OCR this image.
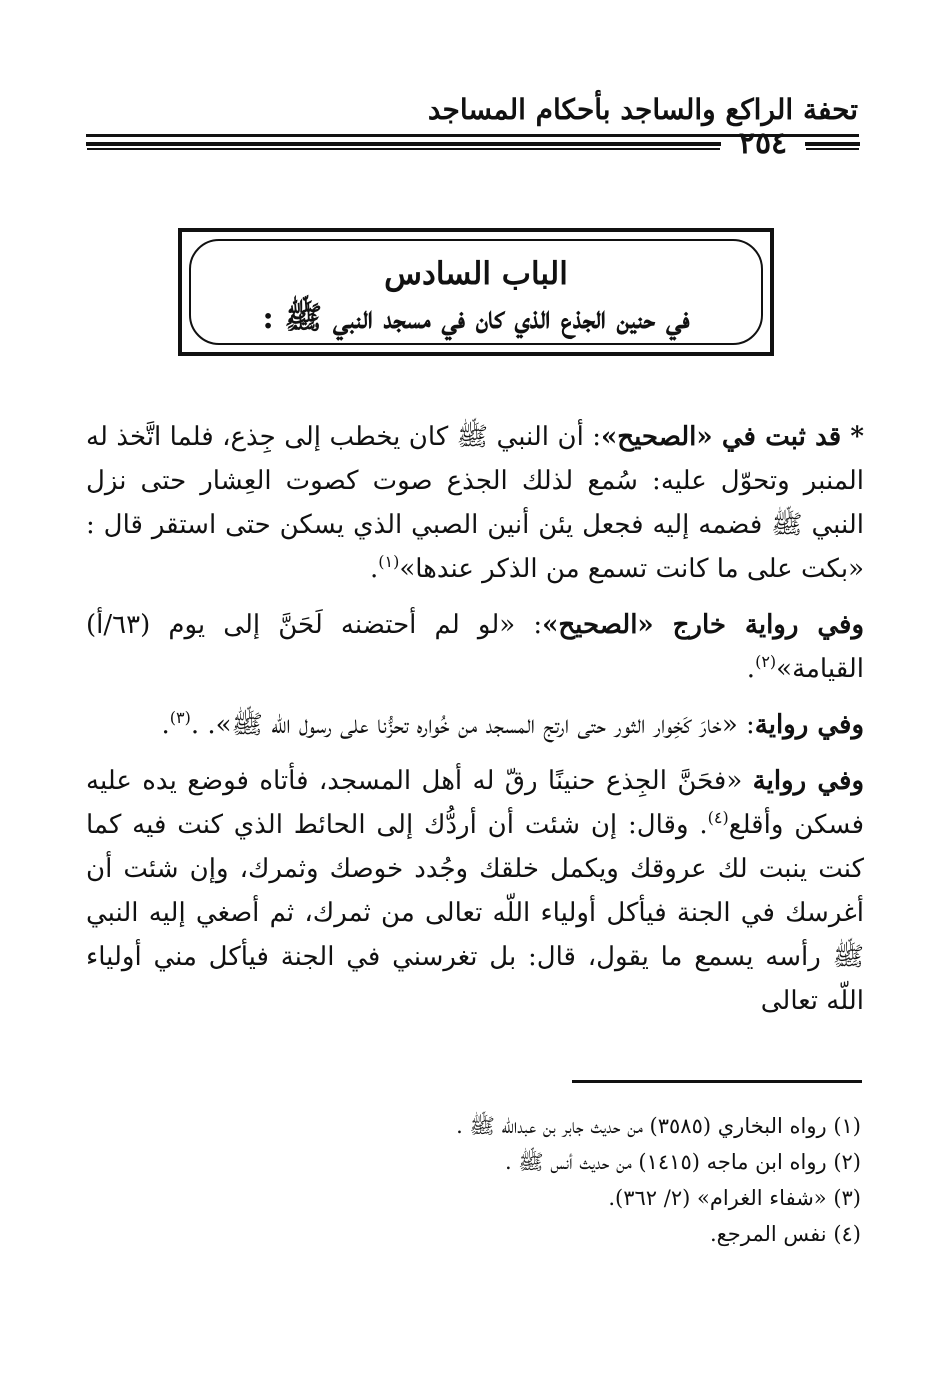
تحفة الراكع والساجد بأحكام المساجد
٢٥٤
الباب السادس
في حنين الجذع الذي كان في مسجد النبي ﷺ :

* قد ثبت في «الصحيح»: أن النبي ﷺ كان يخطب إلى جِذع، فلما اتَّخذ له المنبر وتحوّل عليه: سُمع لذلك الجذع صوت كصوت العِشار حتى نزل النبي ﷺ فضمه إليه فجعل يئن أنين الصبي الذي يسكن حتى استقر قال : «بكت على ما كانت تسمع من الذكر عندها»$^{(١)}$.

وفي رواية خارج «الصحيح»: «لو لم أحتضنه لَحَنَّ إلى يوم (٦٣/أ) القيامة»$^{(٢)}$.

وفي رواية: «خارَ كَخِوار الثور حتى ارتج المسجد من خُواره تحزُّنا على رسول اللّه ﷺ». .$^{(٣)}$.

وفي رواية «فحَنَّ الجِذع حنينًا رقّ له أهل المسجد، فأتاه فوضع يده عليه فسكن وأقلع$^{(٤)}$. وقال: إن شئت أن أردُّك إلى الحائط الذي كنت فيه كما كنت ينبت لك عروقك ويكمل خلقك وجُدد خوصك وثمرك، وإن شئت أن أغرسك في الجنة فيأكل أولياء اللّه تعالى من ثمرك، ثم أصغي إليه النبي ﷺ رأسه يسمع ما يقول، قال: بل تغرسني في الجنة فيأكل مني أولياء اللّه تعالى

(١) رواه البخاري (٣٥٨٥) من حديث جابر بن عبدالله ﷺ .
(٢) رواه ابن ماجه (١٤١٥) من حديث أنس ﷺ .
(٣) «شفاء الغرام» (٢/ ٣٦٢).
(٤) نفس المرجع.
